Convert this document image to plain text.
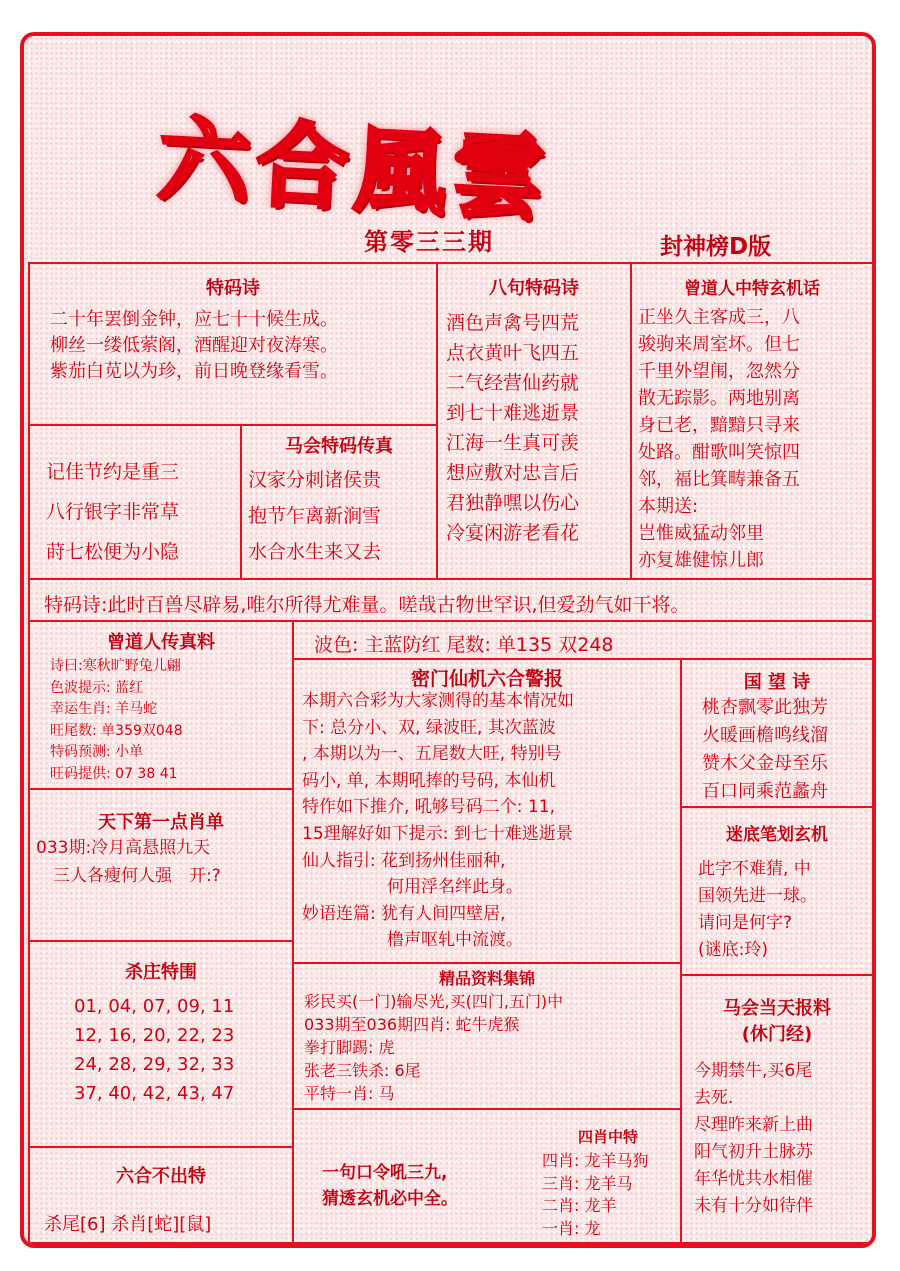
六合風雲
第零三三期	封神榜D版
特码诗
二十年罢倒金钟，应七十十候生成。
柳丝一缕低萦阁，酒醒迎对夜涛寒。
紫茄白苋以为珍，前日晚登缘看雪。
八句特码诗
酒色声禽号四荒
点衣黄叶飞四五
二气经营仙药就
到七十难逃逝景
江海一生真可羡
想应敷对忠言后
君独静嘿以伤心
冷宴闲游老看花
曾道人中特玄机话
正坐久主客成三，八
骏驹来周室坏。但七
千里外望闱，忽然分
散无踪影。两地别离
身已老，黯黯只寻来
处路。酣歌叫笑惊四
邻，福比箕畴兼备五
本期送:
岂惟威猛动邻里
亦复雄健惊儿郎
记佳节约是重三
八行银字非常草
莳七松便为小隐
马会特码传真
汉家分刺诸侯贵
抱节乍离新涧雪
水合水生来又去
特码诗:此时百兽尽辟易,唯尔所得尤难量。嗟哉古物世罕识,但爱劲气如干将。
曾道人传真料
诗曰:寒秋旷野兔儿翩
色波提示: 蓝红
幸运生肖: 羊马蛇
旺尾数: 单359双048
特码预测: 小单
旺码提供: 07 38 41
天下第一点肖单
033期:冷月高悬照九天
　三人各瘦何人强　开:?
杀庄特围
01, 04, 07, 09, 11
12, 16, 20, 22, 23
24, 28, 29, 32, 33
37, 40, 42, 43, 47
六合不出特
杀尾[6] 杀肖[蛇][鼠]
波色: 主蓝防红 尾数: 单135 双248
密门仙机六合警报
本期六合彩为大家测得的基本情况如
下: 总分小、双, 绿波旺, 其次蓝波
, 本期以为一、五尾数大旺, 特别号
码小, 单, 本期吼捧的号码, 本仙机
特作如下推介, 吼够号码二个: 11,
15理解好如下提示: 到七十难逃逝景
仙人指引: 花到扬州佳丽种,
　　　　　何用浮名绊此身。
妙语连篇: 犹有人间四壁居,
　　　　　橹声呕轧中流渡。
国 望 诗
桃杏飘零此独芳
火暖画檐鸣线溜
赞木父金母至乐
百口同乘范蠡舟
迷底笔划玄机
此字不难猜, 中
国领先进一球。
请问是何字?
(谜底:玲)
精品资料集锦
彩民买(一门)输尽光,买(四门,五门)中
033期至036期四肖: 蛇牛虎猴
拳打脚踢: 虎
张老三铁杀: 6尾
平特一肖: 马
马会当天报料
(休门经)
今期禁牛,买6尾
去死.
尽理昨来新上曲
阳气初升土脉苏
年华忧共水相催
未有十分如待伴
一句口令吼三九,
猜透玄机必中全。
四肖中特
四肖: 龙羊马狗
三肖: 龙羊马
二肖: 龙羊
一肖: 龙
